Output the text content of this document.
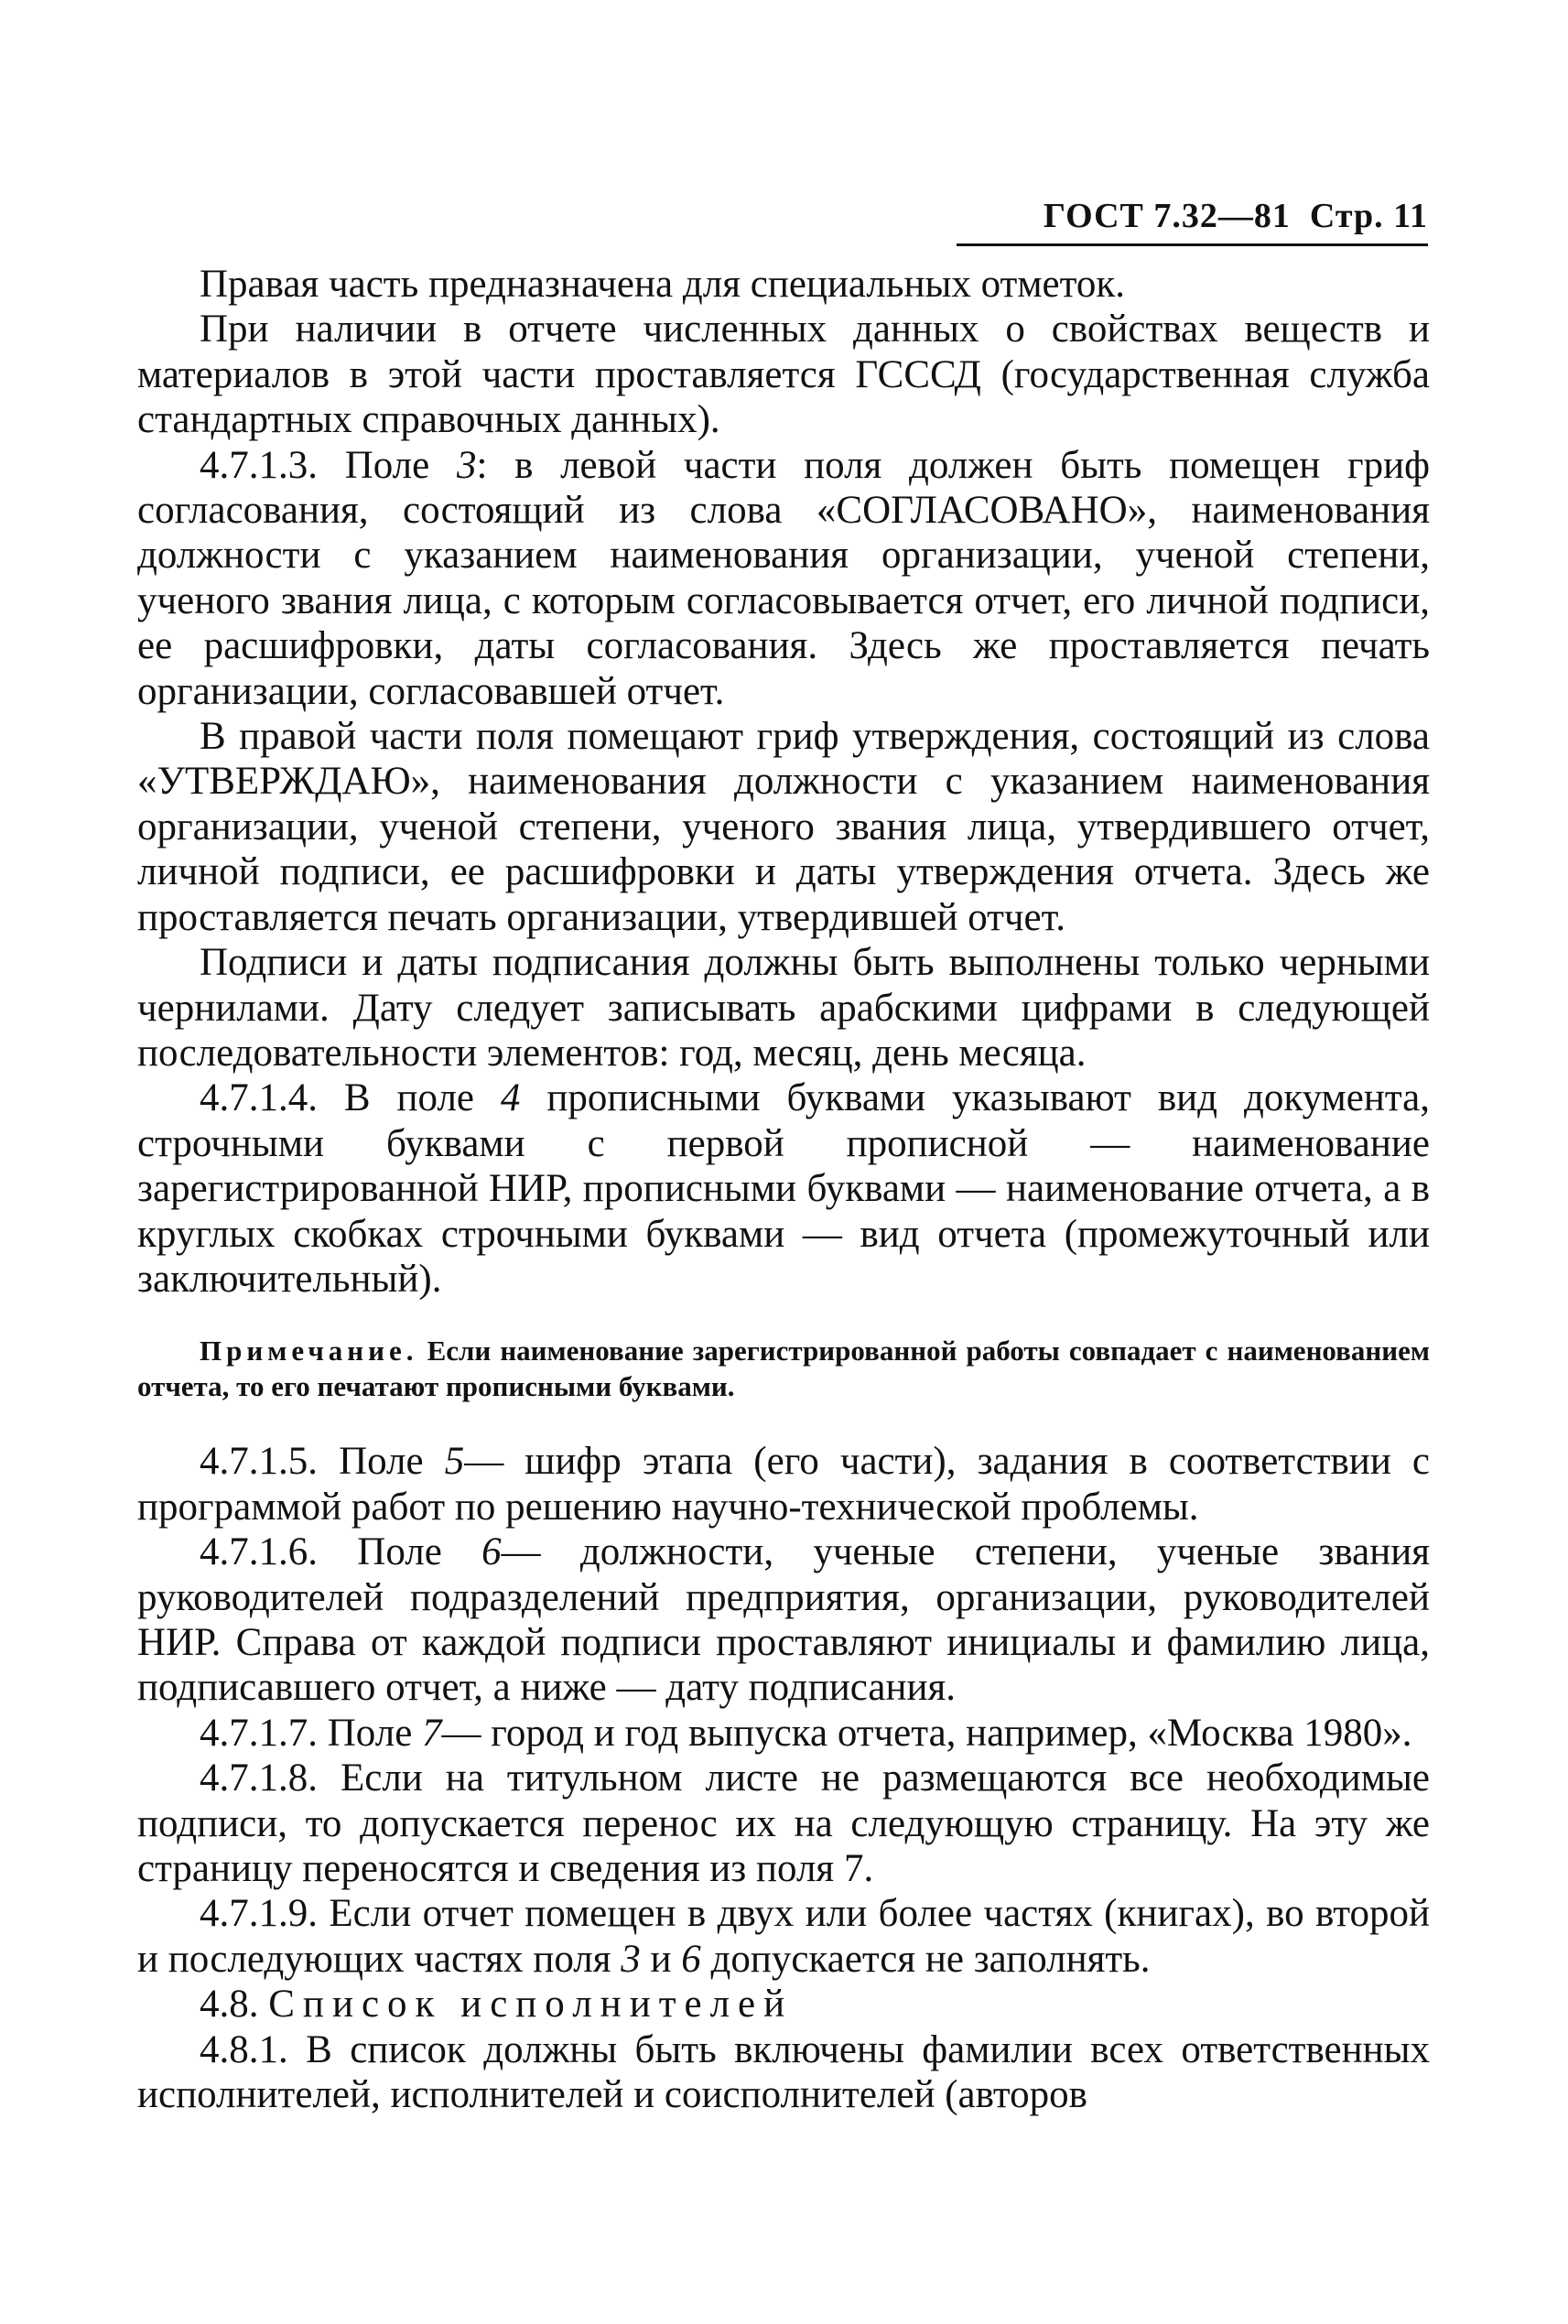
ГОСТ 7.32—81 Стр. 11

Правая часть предназначена для специальных отметок.

При наличии в отчете численных данных о свойствах веществ и материалов в этой части проставляется ГСССД (государственная служба стандартных справочных данных).

4.7.1.3. Поле 3: в левой части поля должен быть помещен гриф согласования, состоящий из слова «СОГЛАСОВАНО», наименования должности с указанием наименования организации, ученой степени, ученого звания лица, с которым согласовывается отчет, его личной подписи, ее расшифровки, даты согласования. Здесь же проставляется печать организации, согласовавшей отчет.

В правой части поля помещают гриф утверждения, состоящий из слова «УТВЕРЖДАЮ», наименования должности с указанием наименования организации, ученой степени, ученого звания лица, утвердившего отчет, личной подписи, ее расшифровки и даты утверждения отчета. Здесь же проставляется печать организации, утвердившей отчет.

Подписи и даты подписания должны быть выполнены только черными чернилами. Дату следует записывать арабскими цифрами в следующей последовательности элементов: год, месяц, день месяца.

4.7.1.4. В поле 4 прописными буквами указывают вид документа, строчными буквами с первой прописной — наименование зарегистрированной НИР, прописными буквами — наименование отчета, а в круглых скобках строчными буквами — вид отчета (промежуточный или заключительный).

Примечание. Если наименование зарегистрированной работы совпадает с наименованием отчета, то его печатают прописными буквами.

4.7.1.5. Поле 5— шифр этапа (его части), задания в соответствии с программой работ по решению научно-технической проблемы.

4.7.1.6. Поле 6— должности, ученые степени, ученые звания руководителей подразделений предприятия, организации, руководителей НИР. Справа от каждой подписи проставляют инициалы и фамилию лица, подписавшего отчет, а ниже — дату подписания.

4.7.1.7. Поле 7— город и год выпуска отчета, например, «Москва 1980».

4.7.1.8. Если на титульном листе не размещаются все необходимые подписи, то допускается перенос их на следующую страницу. На эту же страницу переносятся и сведения из поля 7.

4.7.1.9. Если отчет помещен в двух или более частях (книгах), во второй и последующих частях поля 3 и 6 допускается не заполнять.

4.8. Список исполнителей

4.8.1. В список должны быть включены фамилии всех ответственных исполнителей, исполнителей и соисполнителей (авторов
